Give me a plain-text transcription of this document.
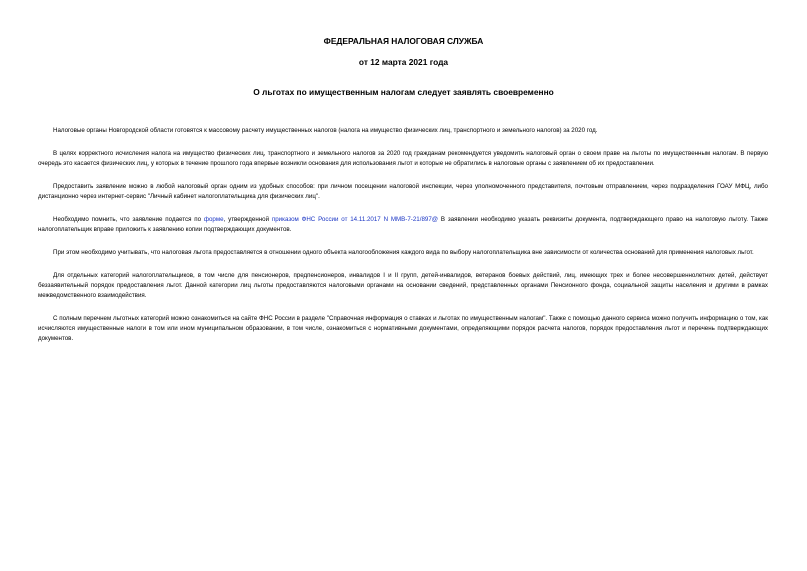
ФЕДЕРАЛЬНАЯ НАЛОГОВАЯ СЛУЖБА
от 12 марта 2021 года
О льготах по имущественным налогам следует заявлять своевременно

Налоговые органы Новгородской области готовятся к массовому расчету имущественных налогов (налога на имущество физических лиц, транспортного и земельного налогов) за 2020 год.

В целях корректного исчисления налога на имущество физических лиц, транспортного и земельного налогов за 2020 год гражданам рекомендуется уведомить налоговый орган о своем праве на льготы по имущественным налогам. В первую очередь это касается физических лиц, у которых в течение прошлого года впервые возникли основания для использования льгот и которые не обратились в налоговые органы с заявлением об их предоставлении.

Предоставить заявление можно в любой налоговый орган одним из удобных способов: при личном посещении налоговой инспекции, через уполномоченного представителя, почтовым отправлением, через подразделения ГОАУ МФЦ, либо дистанционно через интернет-сервис "Личный кабинет налогоплательщика для физических лиц".

Необходимо помнить, что заявление подается по форме, утвержденной приказом ФНС России от 14.11.2017 N ММВ-7-21/897@ В заявлении необходимо указать реквизиты документа, подтверждающего право на налоговую льготу. Также налогоплательщик вправе приложить к заявлению копии подтверждающих документов.

При этом необходимо учитывать, что налоговая льгота предоставляется в отношении одного объекта налогообложения каждого вида по выбору налогоплательщика вне зависимости от количества оснований для применения налоговых льгот.

Для отдельных категорий налогоплательщиков, в том числе для пенсионеров, предпенсионеров, инвалидов I и II групп, детей-инвалидов, ветеранов боевых действий, лиц, имеющих трех и более несовершеннолетних детей, действует беззаявительный порядок предоставления льгот. Данной категории лиц льготы предоставляются налоговыми органами на основании сведений, представленных органами Пенсионного фонда, социальной защиты населения и другими в рамках межведомственного взаимодействия.

С полным перечнем льготных категорий можно ознакомиться на сайте ФНС России в разделе "Справочная информация о ставках и льготах по имущественным налогам". Также с помощью данного сервиса можно получить информацию о том, как исчисляются имущественные налоги в том или ином муниципальном образовании, в том числе, ознакомиться с нормативными документами, определяющими порядок расчета налогов, порядок предоставления льгот и перечень подтверждающих документов.
